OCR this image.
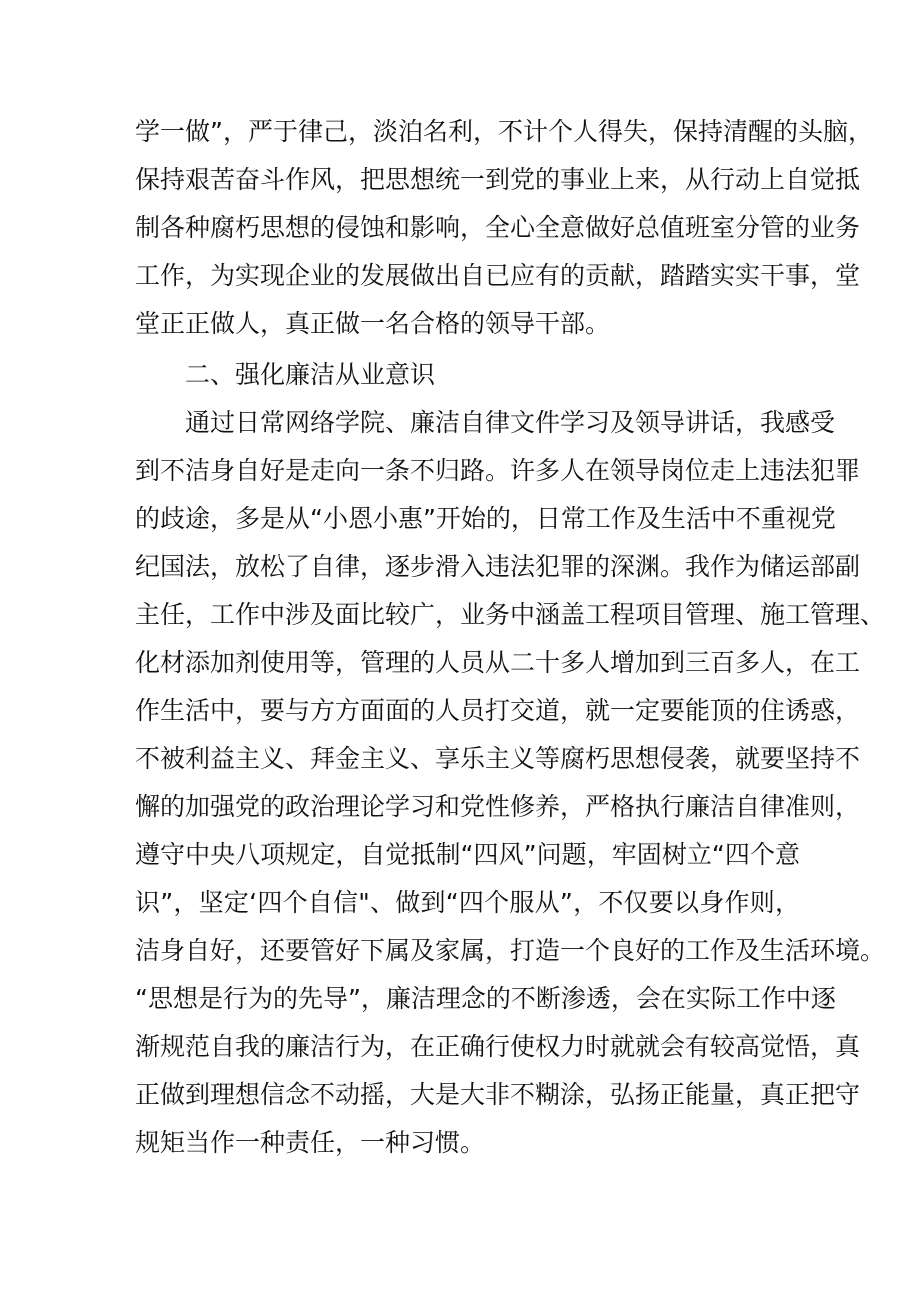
学一做”，严于律己，淡泊名利，不计个人得失，保持清醒的头脑，
保持艰苦奋斗作风，把思想统一到党的事业上来，从行动上自觉抵
制各种腐朽思想的侵蚀和影响，全心全意做好总值班室分管的业务
工作，为实现企业的发展做出自已应有的贡献，踏踏实实干事，堂
堂正正做人，真正做一名合格的领导干部。
二、强化廉洁从业意识
通过日常网络学院、廉洁自律文件学习及领导讲话，我感受
到不洁身自好是走向一条不归路。许多人在领导岗位走上违法犯罪
的歧途，多是从“小恩小惠”开始的，日常工作及生活中不重视党
纪国法，放松了自律，逐步滑入违法犯罪的深渊。我作为储运部副
主任，工作中涉及面比较广，业务中涵盖工程项目管理、施工管理、
化材添加剂使用等，管理的人员从二十多人增加到三百多人，在工
作生活中，要与方方面面的人员打交道，就一定要能顶的住诱惑，
不被利益主义、拜金主义、享乐主义等腐朽思想侵袭，就要坚持不
懈的加强党的政治理论学习和党性修养，严格执行廉洁自律准则，
遵守中央八项规定，自觉抵制“四风”问题，牢固树立“四个意
识”，坚定‘四个自信"、做到“四个服从”，不仅要以身作则，
洁身自好，还要管好下属及家属，打造一个良好的工作及生活环境。
“思想是行为的先导”，廉洁理念的不断渗透，会在实际工作中逐
渐规范自我的廉洁行为，在正确行使权力时就就会有较高觉悟，真
正做到理想信念不动摇，大是大非不糊涂，弘扬正能量，真正把守
规矩当作一种责任，一种习惯。
